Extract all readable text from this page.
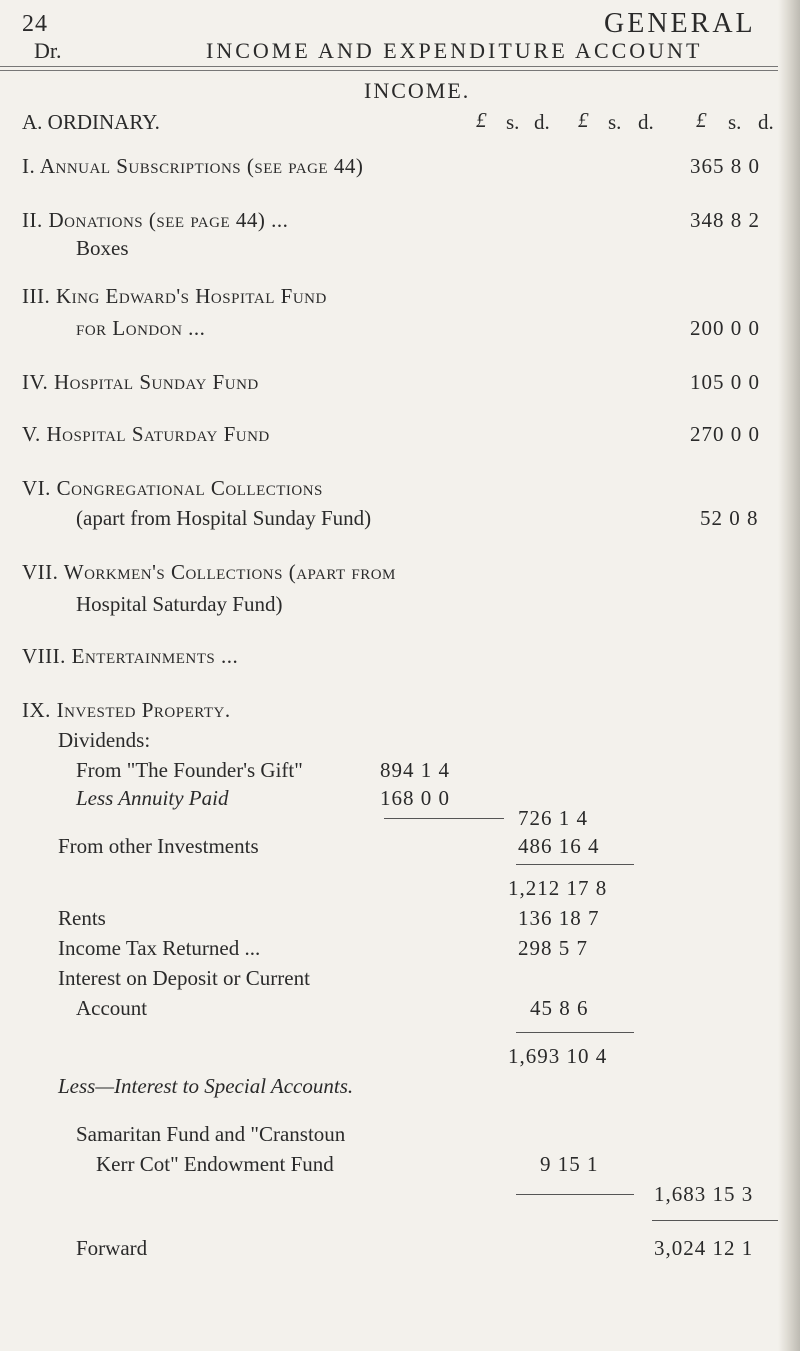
24	GENERAL
Dr.	INCOME AND EXPENDITURE ACCOUNT
INCOME.
A. ORDINARY.	£ s. d. £ s. d. £ s. d.
I. Annual Subscriptions (see page 44)	365 8 0
II. Donations (see page 44) ...	348 8 2
Boxes
III. King Edward's Hospital Fund
for London ...	200 0 0
IV. Hospital Sunday Fund	105 0 0
V. Hospital Saturday Fund	270 0 0
VI. Congregational Collections
(apart from Hospital Sunday Fund)	52 0 8
VII. Workmen's Collections (apart from
Hospital Saturday Fund)
VIII. Entertainments ...
IX. Invested Property.
Dividends:
From "The Founder's Gift"	894 1 4
Less Annuity Paid	168 0 0
726 1 4
From other Investments	486 16 4
1,212 17 8
Rents	136 18 7
Income Tax Returned ...	298 5 7
Interest on Deposit or Current
Account	45 8 6
1,693 10 4
Less—Interest to Special Accounts.
Samaritan Fund and "Cranstoun
Kerr Cot" Endowment Fund	9 15 1
1,683 15 3
Forward	3,024 12 1
